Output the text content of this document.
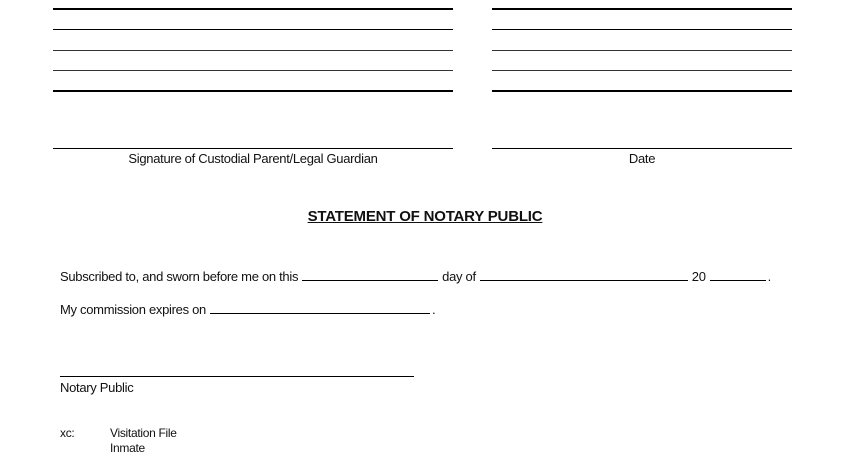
Signature of Custodial Parent/Legal Guardian	Date
STATEMENT OF NOTARY PUBLIC
Subscribed to, and sworn before me on this	day of	20	.
My commission expires on	.
Notary Public
xc:	Visitation File
Inmate
